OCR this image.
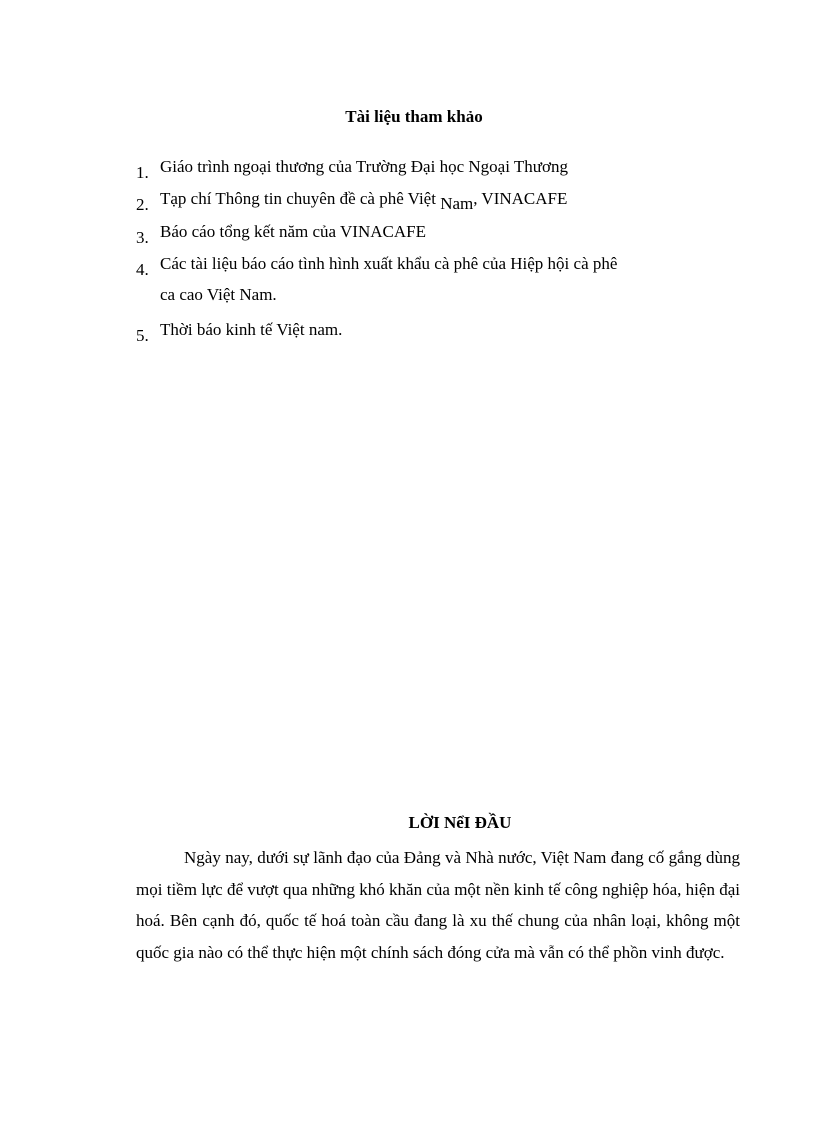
Tài liệu tham khảo
1. Giáo trình ngoại thương của Trường Đại học Ngoại Thương
2. Tạp chí Thông tin chuyên đề cà phê Việt Nam, VINACAFE
3. Báo cáo tổng kết năm của VINACAFE
4. Các tài liệu báo cáo tình hình xuất khẩu cà phê của Hiệp hội cà phê
ca cao Việt Nam.
5. Thời báo kinh tế Việt nam.
LỜI NểI ĐẦU

Ngày nay, dưới sự lãnh đạo của Đảng và Nhà nước, Việt Nam đang cố gắng dùng mọi tiềm lực để vượt qua những khó khăn của một nền kinh tế công nghiệp hóa, hiện đại hoá. Bên cạnh đó, quốc tế hoá toàn cầu đang là xu thế chung của nhân loại, không một quốc gia nào có thể thực hiện một chính sách đóng cửa mà vẫn có thể phồn vinh được.
